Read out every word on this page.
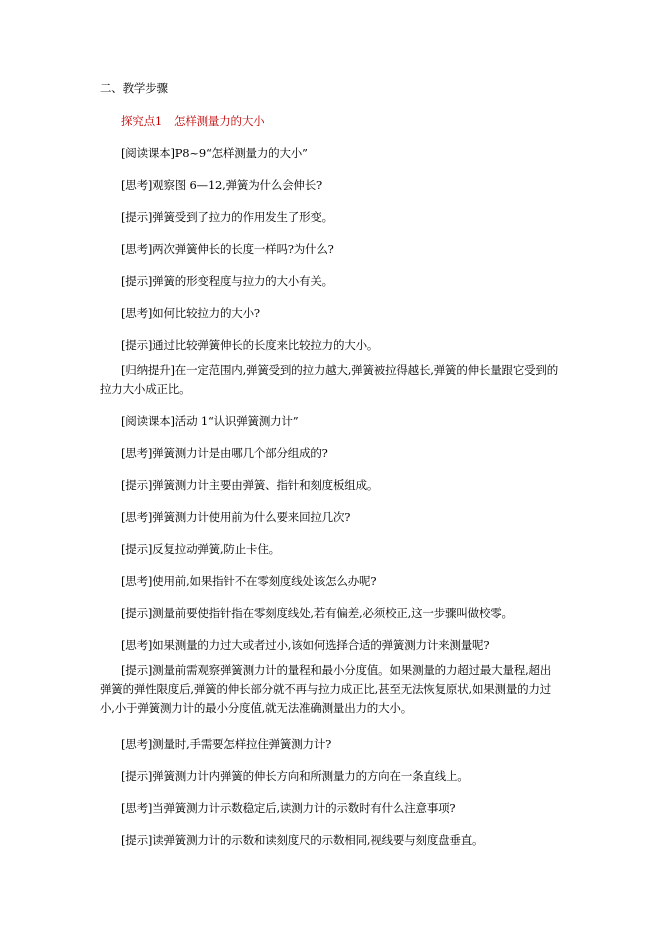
二、教学步骤
探究点1 怎样测量力的大小
[阅读课本]P8~9“怎样测量力的大小”
[思考]观察图 6—12,弹簧为什么会伸长?
[提示]弹簧受到了拉力的作用发生了形变。
[思考]两次弹簧伸长的长度一样吗?为什么?
[提示]弹簧的形变程度与拉力的大小有关。
[思考]如何比较拉力的大小?
[提示]通过比较弹簧伸长的长度来比较拉力的大小。
[归纳提升]在一定范围内,弹簧受到的拉力越大,弹簧被拉得越长,弹簧的伸长量跟它受到的拉力大小成正比。
[阅读课本]活动 1“认识弹簧测力计”
[思考]弹簧测力计是由哪几个部分组成的?
[提示]弹簧测力计主要由弹簧、指针和刻度板组成。
[思考]弹簧测力计使用前为什么要来回拉几次?
[提示]反复拉动弹簧,防止卡住。
[思考]使用前,如果指针不在零刻度线处该怎么办呢?
[提示]测量前要使指针指在零刻度线处,若有偏差,必须校正,这一步骤叫做校零。
[思考]如果测量的力过大或者过小,该如何选择合适的弹簧测力计来测量呢?
[提示]测量前需观察弹簧测力计的量程和最小分度值。如果测量的力超过最大量程,超出弹簧的弹性限度后,弹簧的伸长部分就不再与拉力成正比,甚至无法恢复原状,如果测量的力过小,小于弹簧测力计的最小分度值,就无法准确测量出力的大小。
[思考]测量时,手需要怎样拉住弹簧测力计?
[提示]弹簧测力计内弹簧的伸长方向和所测量力的方向在一条直线上。
[思考]当弹簧测力计示数稳定后,读测力计的示数时有什么注意事项?
[提示]读弹簧测力计的示数和读刻度尺的示数相同,视线要与刻度盘垂直。
